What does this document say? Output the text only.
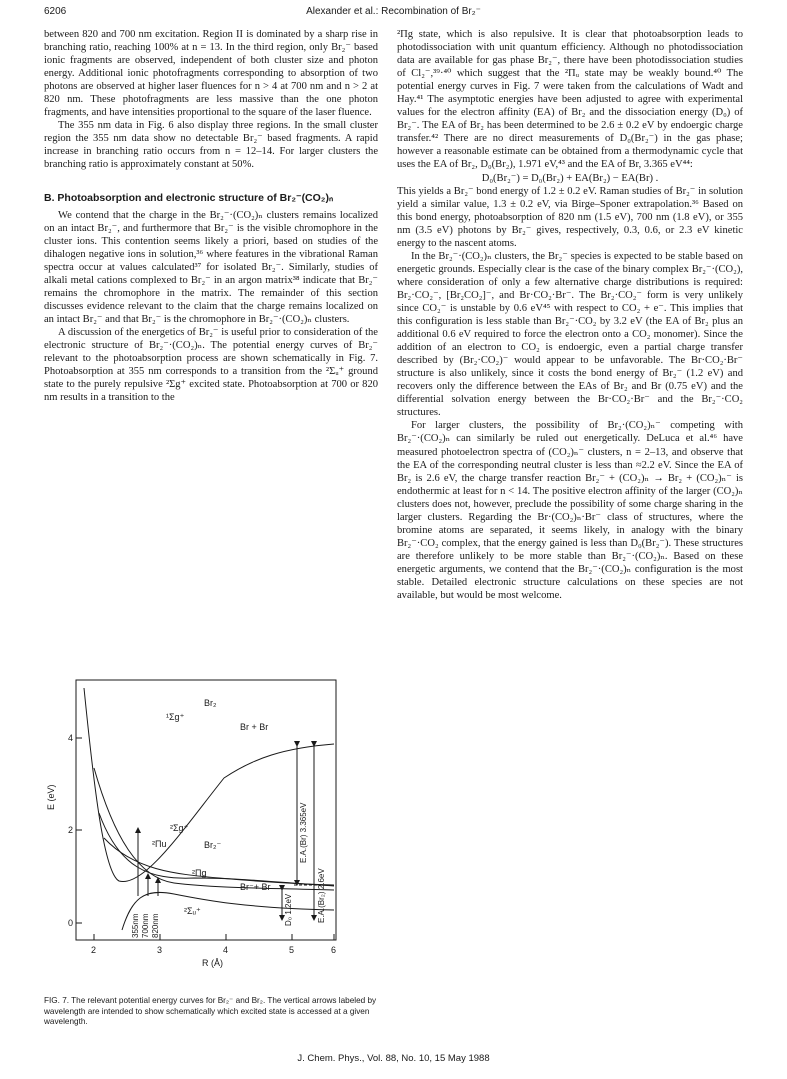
6206	Alexander et al.: Recombination of Br₂⁻

between 820 and 700 nm excitation. Region II is dominated by a sharp rise in branching ratio, reaching 100% at n = 13. In the third region, only Br₂⁻ based ionic fragments are observed, independent of both cluster size and photon energy. Additional ionic photofragments corresponding to absorption of two photons are observed at higher laser fluences for n > 4 at 700 nm and n > 2 at 820 nm. These photofragments are less massive than the one photon fragments, and have intensities proportional to the square of the laser fluence.

The 355 nm data in Fig. 6 also display three regions. In the small cluster region the 355 nm data show no detectable Br₂⁻ based fragments. A rapid increase in branching ratio occurs from n = 12–14. For larger clusters the branching ratio is approximately constant at 50%.

B. Photoabsorption and electronic structure of Br₂⁻(CO₂)ₙ

We contend that the charge in the Br₂⁻·(CO₂)ₙ clusters remains localized on an intact Br₂⁻, and furthermore that Br₂⁻ is the visible chromophore in the cluster ions. This contention seems likely a priori, based on studies of the dihalogen negative ions in solution,³⁶ where features in the vibrational Raman spectra occur at values calculated³⁷ for isolated Br₂⁻. Similarly, studies of alkali metal cations complexed to Br₂⁻ in an argon matrix³⁸ indicate that Br₂⁻ remains the chromophore in the matrix. The remainder of this section discusses evidence relevant to the claim that the charge remains localized on an intact Br₂⁻ and that Br₂⁻ is the chromophore in Br₂⁻·(CO₂)ₙ clusters.

A discussion of the energetics of Br₂⁻ is useful prior to consideration of the electronic structure of Br₂⁻·(CO₂)ₙ. The potential energy curves of Br₂⁻ relevant to the photoabsorption process are shown schematically in Fig. 7. Photoabsorption at 355 nm corresponds to a transition from the ²Σᵤ⁺ ground state to the purely repulsive ²Σg⁺ excited state. Photoabsorption at 700 or 820 nm results in a transition to the

E (eV)
R (Å)
2	3	4	5	6
0
2
4
Br₂
¹Σg⁺
Br + Br
²Σg⁺
²Πu	Br₂⁻
²Πg
Br⁻+ Br
²Σᵤ⁺
355nm 700nm 820nm
E.A.(Br) 3.365eV
E.A.(Br₂) 2.6eV
D₀ 1.2eV
FIG. 7. The relevant potential energy curves for Br₂⁻ and Br₂. The vertical arrows labeled by wavelength are intended to show schematically which excited state is accessed at a given wavelength.

²Πg state, which is also repulsive. It is clear that photoabsorption leads to photodissociation with unit quantum efficiency. Although no photodissociation data are available for gas phase Br₂⁻, there have been photodissociation studies of Cl₂⁻,³⁹·⁴⁰ which suggest that the ²Πᵤ state may be weakly bound.⁴⁰ The potential energy curves in Fig. 7 were taken from the calculations of Wadt and Hay.⁴¹ The asymptotic energies have been adjusted to agree with experimental values for the electron affinity (EA) of Br₂ and the dissociation energy (D₀) of Br₂⁻. The EA of Br₂ has been determined to be 2.6 ± 0.2 eV by endoergic charge transfer.⁴² There are no direct measurements of D₀(Br₂⁻) in the gas phase; however a reasonable estimate can be obtained from a thermodynamic cycle that uses the EA of Br₂, D₀(Br₂), 1.971 eV,⁴³ and the EA of Br, 3.365 eV⁴⁴:

D₀(Br₂⁻) = D₀(Br₂) + EA(Br₂) − EA(Br) .

This yields a Br₂⁻ bond energy of 1.2 ± 0.2 eV. Raman studies of Br₂⁻ in solution yield a similar value, 1.3 ± 0.2 eV, via Birge–Sponer extrapolation.³⁶ Based on this bond energy, photoabsorption of 820 nm (1.5 eV), 700 nm (1.8 eV), or 355 nm (3.5 eV) photons by Br₂⁻ gives, respectively, 0.3, 0.6, or 2.3 eV kinetic energy to the nascent atoms.

In the Br₂⁻·(CO₂)ₙ clusters, the Br₂⁻ species is expected to be stable based on energetic grounds. Especially clear is the case of the binary complex Br₂⁻·(CO₂), where consideration of only a few alternative charge distributions is required: Br₂·CO₂⁻, [Br₂CO₂]⁻, and Br·CO₂·Br⁻. The Br₂·CO₂⁻ form is very unlikely since CO₂⁻ is unstable by 0.6 eV⁴⁵ with respect to CO₂ + e⁻. This implies that this configuration is less stable than Br₂⁻·CO₂ by 3.2 eV (the EA of Br₂ plus an additional 0.6 eV required to force the electron onto a CO₂ monomer). Since the addition of an electron to CO₂ is endoergic, even a partial charge transfer described by (Br₂·CO₂)⁻ would appear to be unfavorable. The Br·CO₂·Br⁻ structure is also unlikely, since it costs the bond energy of Br₂⁻ (1.2 eV) and recovers only the difference between the EAs of Br₂ and Br (0.75 eV) and the differential solvation energy between the Br·CO₂·Br⁻ and the Br₂⁻·CO₂ structures.

For larger clusters, the possibility of Br₂·(CO₂)ₙ⁻ competing with Br₂⁻·(CO₂)ₙ can similarly be ruled out energetically. DeLuca et al.⁴⁶ have measured photoelectron spectra of (CO₂)ₙ⁻ clusters, n = 2–13, and observe that the EA of the corresponding neutral cluster is less than ≈2.2 eV. Since the EA of Br₂ is 2.6 eV, the charge transfer reaction Br₂⁻ + (CO₂)ₙ → Br₂ + (CO₂)ₙ⁻ is endothermic at least for n < 14. The positive electron affinity of the larger (CO₂)ₙ clusters does not, however, preclude the possibility of some charge sharing in the larger clusters. Regarding the Br·(CO₂)ₙ·Br⁻ class of structures, where the bromine atoms are separated, it seems likely, in analogy with the binary Br₂⁻·CO₂ complex, that the energy gained is less than D₀(Br₂⁻). These structures are therefore unlikely to be more stable than Br₂⁻·(CO₂)ₙ. Based on these energetic arguments, we contend that the Br₂⁻·(CO₂)ₙ configuration is the most stable. Detailed electronic structure calculations on these species are not available, but would be most welcome.

J. Chem. Phys., Vol. 88, No. 10, 15 May 1988
